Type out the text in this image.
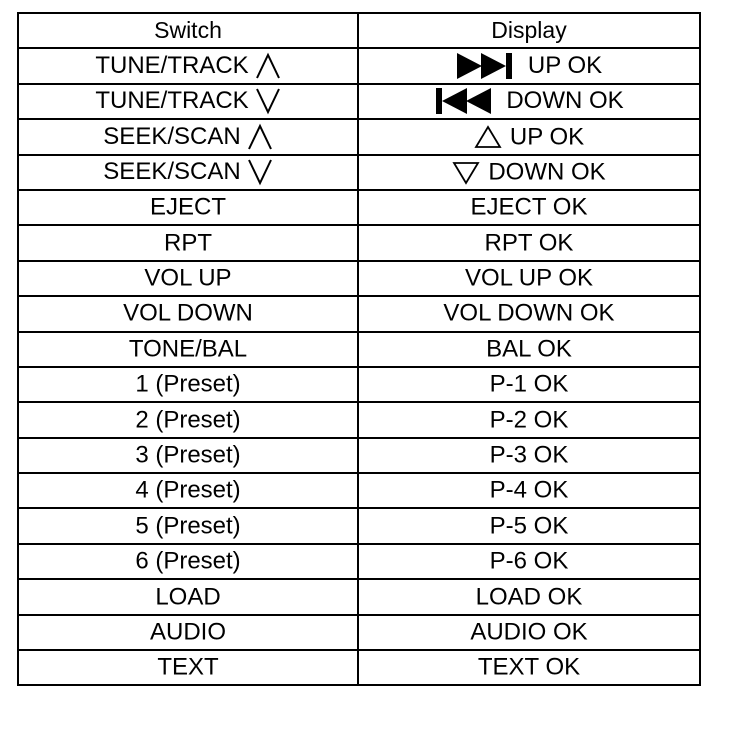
Switch	Display
TUNE/TRACK	UP OK
TUNE/TRACK	DOWN OK
SEEK/SCAN	UP OK
SEEK/SCAN	DOWN OK
EJECT	EJECT OK
RPT	RPT OK
VOL UP	VOL UP OK
VOL DOWN	VOL DOWN OK
TONE/BAL	BAL OK
1 (Preset)	P-1 OK
2 (Preset)	P-2 OK
3 (Preset)	P-3 OK
4 (Preset)	P-4 OK
5 (Preset)	P-5 OK
6 (Preset)	P-6 OK
LOAD	LOAD OK
AUDIO	AUDIO OK
TEXT	TEXT OK
